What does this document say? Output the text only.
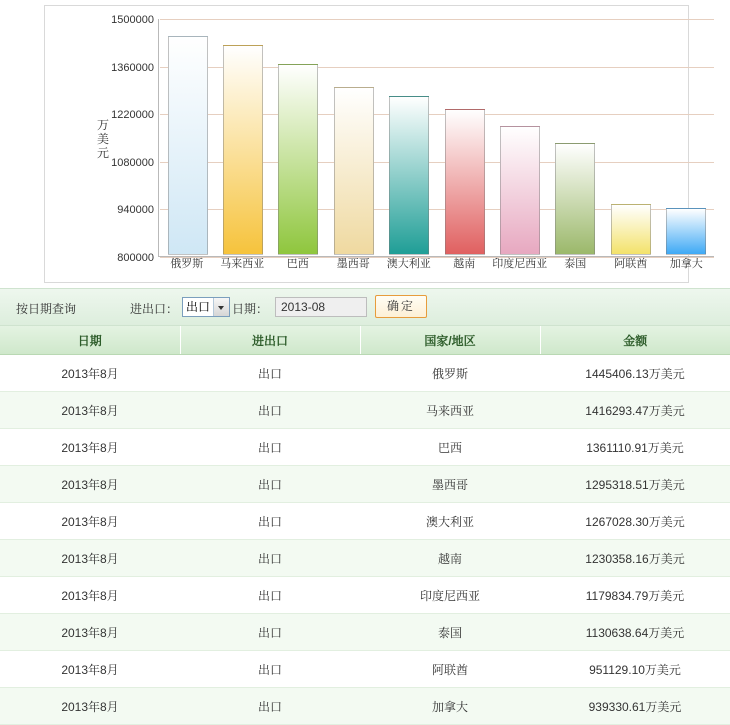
万美元
800000
940000
1080000
1220000
1360000
1500000
俄罗斯	马来西亚	巴西	墨西哥	澳大利亚	越南	印度尼西亚	泰国	阿联酋	加拿大
按日期查询	进出口： 出口	日期：
2013-08	确定
日期	进出口	国家/地区	金额
2013年8月	出口	俄罗斯	1445406.13万美元
2013年8月	出口	马来西亚	1416293.47万美元
2013年8月	出口	巴西	1361110.91万美元
2013年8月	出口	墨西哥	1295318.51万美元
2013年8月	出口	澳大利亚	1267028.30万美元
2013年8月	出口	越南	1230358.16万美元
2013年8月	出口	印度尼西亚	1179834.79万美元
2013年8月	出口	泰国	1130638.64万美元
2013年8月	出口	阿联酋	951129.10万美元
2013年8月	出口	加拿大	939330.61万美元
